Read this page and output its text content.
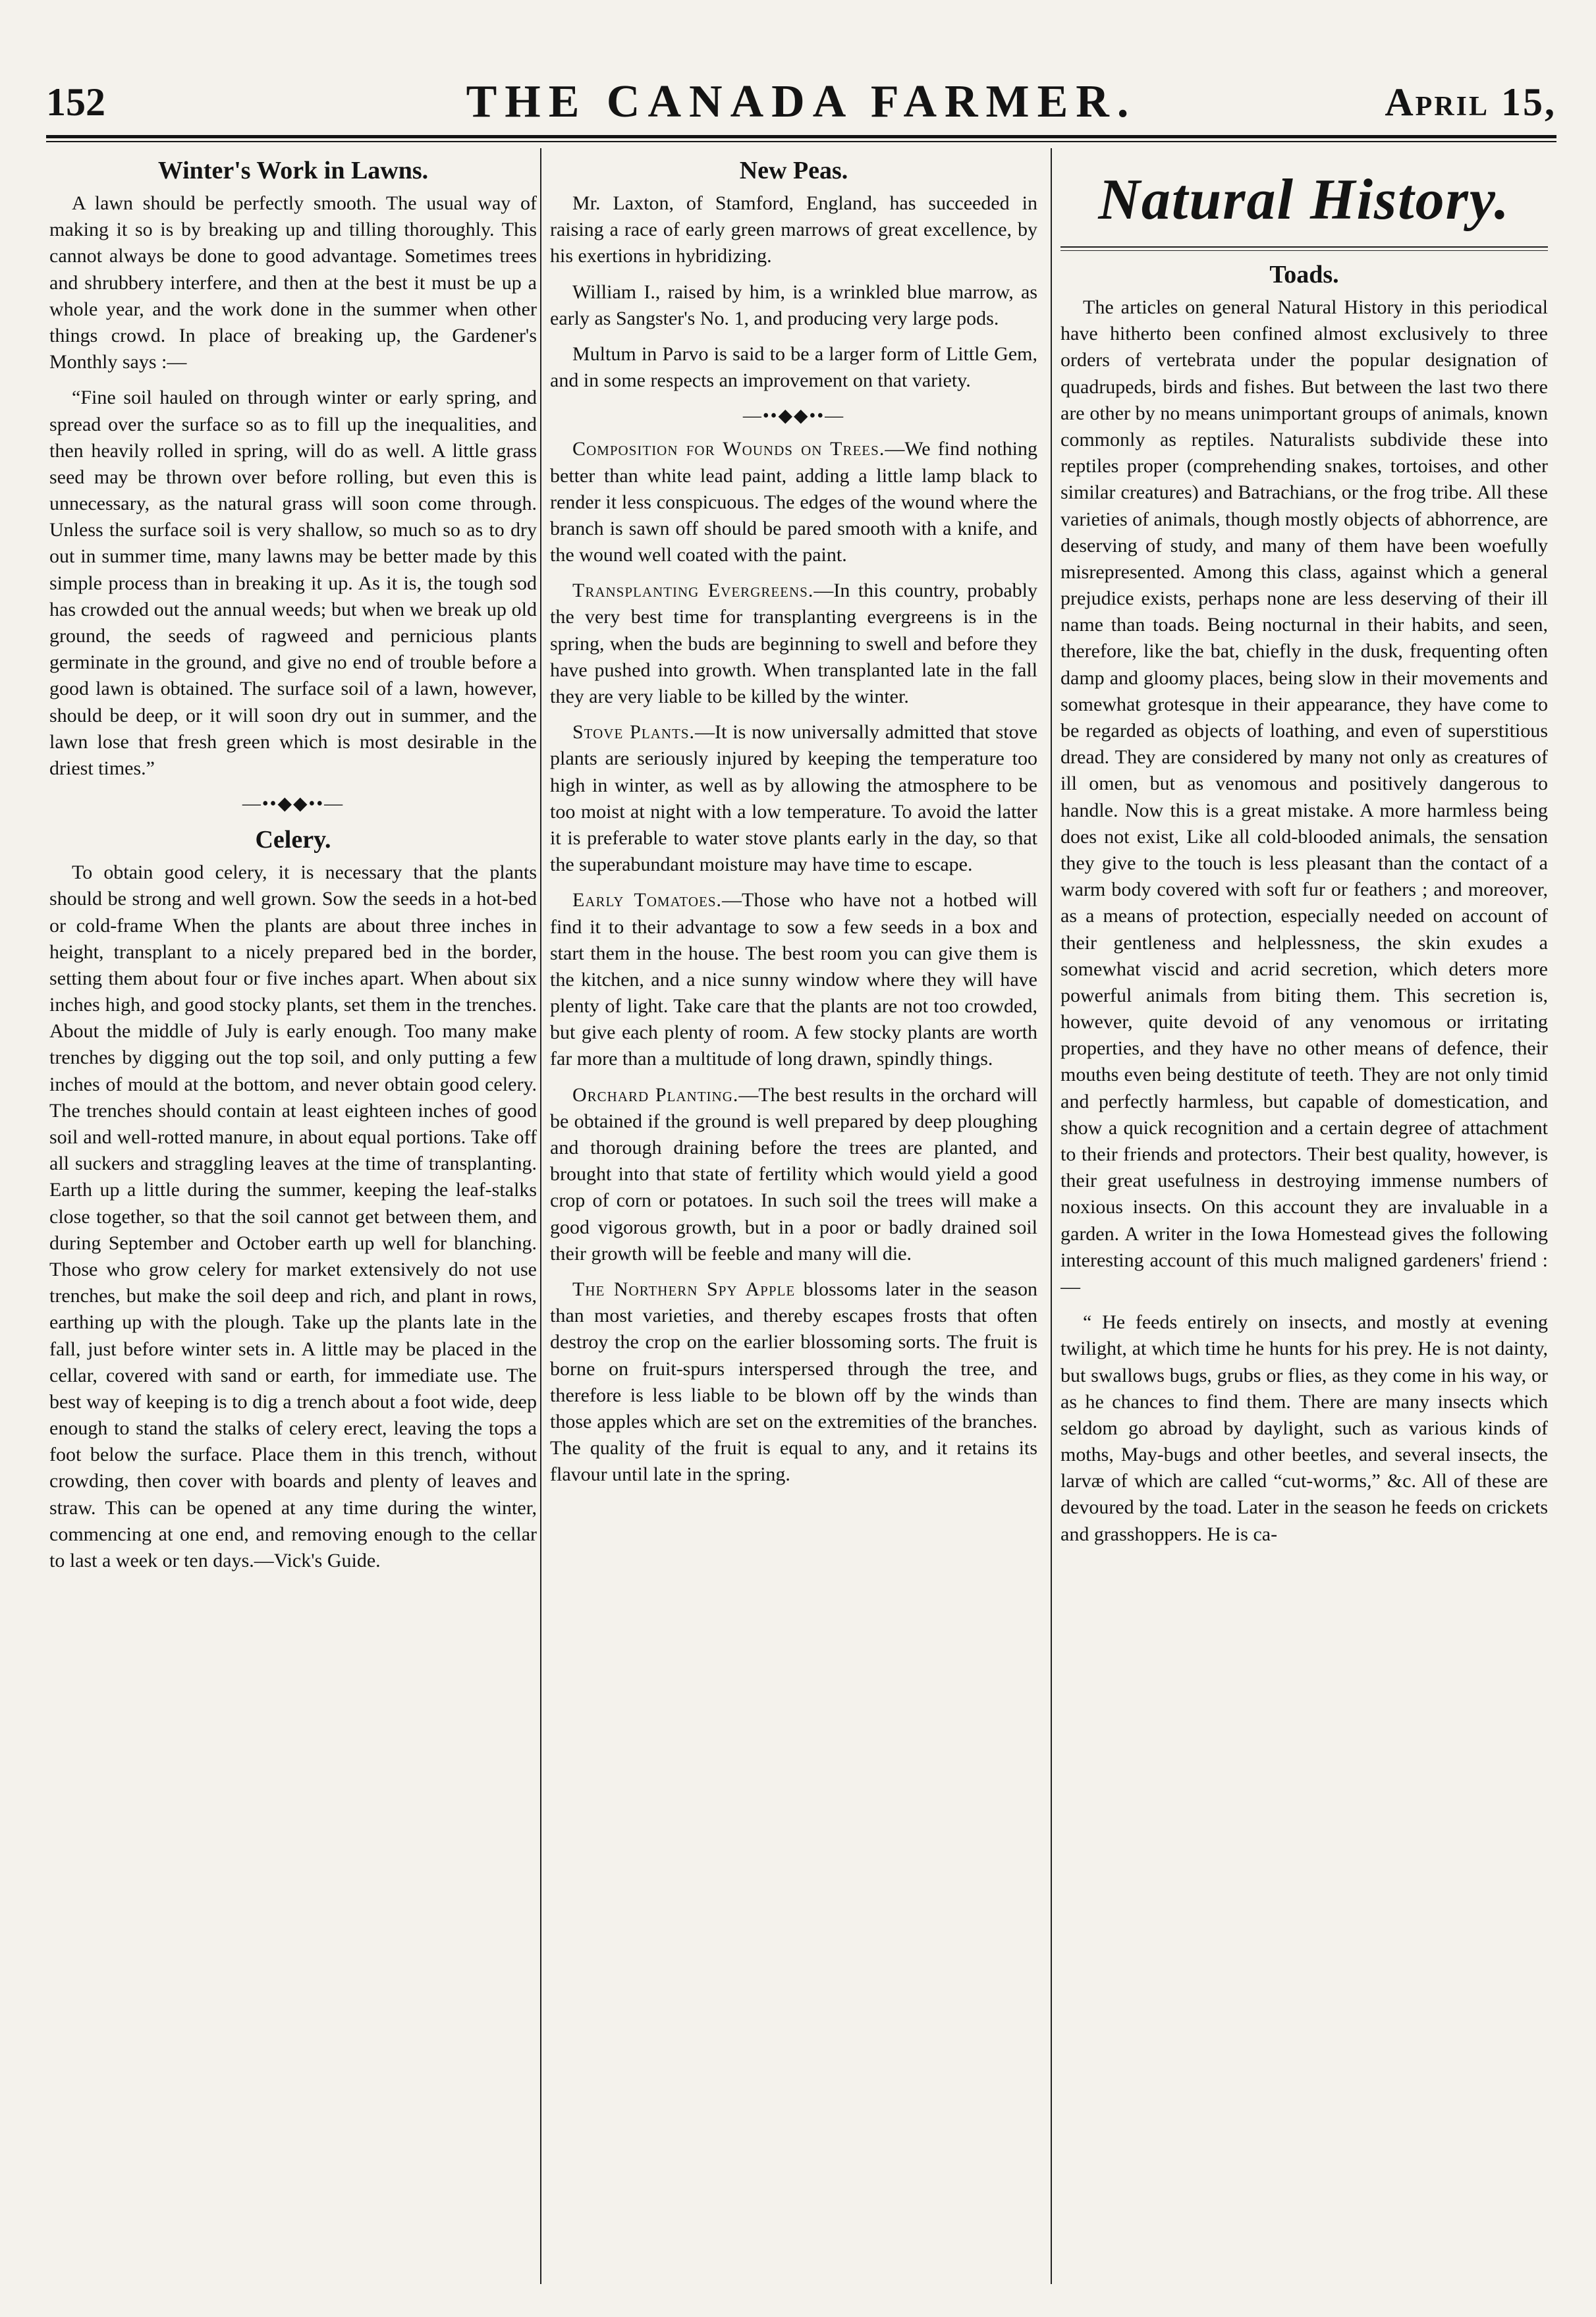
152	THE CANADA FARMER.	April 15,
Winter's Work in Lawns.

A lawn should be perfectly smooth. The usual way of making it so is by breaking up and tilling thoroughly. This cannot always be done to good advantage. Sometimes trees and shrubbery interfere, and then at the best it must be up a whole year, and the work done in the summer when other things crowd. In place of breaking up, the Gardener's Monthly says :—

“Fine soil hauled on through winter or early spring, and spread over the surface so as to fill up the inequalities, and then heavily rolled in spring, will do as well. A little grass seed may be thrown over before rolling, but even this is unnecessary, as the natural grass will soon come through. Unless the surface soil is very shallow, so much so as to dry out in summer time, many lawns may be better made by this simple process than in breaking it up. As it is, the tough sod has crowded out the annual weeds; but when we break up old ground, the seeds of ragweed and pernicious plants germinate in the ground, and give no end of trouble before a good lawn is obtained. The surface soil of a lawn, however, should be deep, or it will soon dry out in summer, and the lawn lose that fresh green which is most desirable in the driest times.”

—••◆◆••—
Celery.

To obtain good celery, it is necessary that the plants should be strong and well grown. Sow the seeds in a hot-bed or cold-frame When the plants are about three inches in height, transplant to a nicely prepared bed in the border, setting them about four or five inches apart. When about six inches high, and good stocky plants, set them in the trenches. About the middle of July is early enough. Too many make trenches by digging out the top soil, and only putting a few inches of mould at the bottom, and never obtain good celery. The trenches should contain at least eighteen inches of good soil and well-rotted manure, in about equal portions. Take off all suckers and straggling leaves at the time of transplanting. Earth up a little during the summer, keeping the leaf-stalks close together, so that the soil cannot get between them, and during September and October earth up well for blanching. Those who grow celery for market extensively do not use trenches, but make the soil deep and rich, and plant in rows, earthing up with the plough. Take up the plants late in the fall, just before winter sets in. A little may be placed in the cellar, covered with sand or earth, for immediate use. The best way of keeping is to dig a trench about a foot wide, deep enough to stand the stalks of celery erect, leaving the tops a foot below the surface. Place them in this trench, without crowding, then cover with boards and plenty of leaves and straw. This can be opened at any time during the winter, commencing at one end, and removing enough to the cellar to last a week or ten days.—Vick's Guide.

New Peas.

Mr. Laxton, of Stamford, England, has succeeded in raising a race of early green marrows of great excellence, by his exertions in hybridizing.

William I., raised by him, is a wrinkled blue marrow, as early as Sangster's No. 1, and producing very large pods.

Multum in Parvo is said to be a larger form of Little Gem, and in some respects an improvement on that variety.

—••◆◆••—

Composition for Wounds on Trees.—We find nothing better than white lead paint, adding a little lamp black to render it less conspicuous. The edges of the wound where the branch is sawn off should be pared smooth with a knife, and the wound well coated with the paint.

Transplanting Evergreens.—In this country, probably the very best time for transplanting evergreens is in the spring, when the buds are beginning to swell and before they have pushed into growth. When transplanted late in the fall they are very liable to be killed by the winter.

Stove Plants.—It is now universally admitted that stove plants are seriously injured by keeping the temperature too high in winter, as well as by allowing the atmosphere to be too moist at night with a low temperature. To avoid the latter it is preferable to water stove plants early in the day, so that the superabundant moisture may have time to escape.

Early Tomatoes.—Those who have not a hotbed will find it to their advantage to sow a few seeds in a box and start them in the house. The best room you can give them is the kitchen, and a nice sunny window where they will have plenty of light. Take care that the plants are not too crowded, but give each plenty of room. A few stocky plants are worth far more than a multitude of long drawn, spindly things.

Orchard Planting.—The best results in the orchard will be obtained if the ground is well prepared by deep ploughing and thorough draining before the trees are planted, and brought into that state of fertility which would yield a good crop of corn or potatoes. In such soil the trees will make a good vigorous growth, but in a poor or badly drained soil their growth will be feeble and many will die.

The Northern Spy Apple blossoms later in the season than most varieties, and thereby escapes frosts that often destroy the crop on the earlier blossoming sorts. The fruit is borne on fruit-spurs interspersed through the tree, and therefore is less liable to be blown off by the winds than those apples which are set on the extremities of the branches. The quality of the fruit is equal to any, and it retains its flavour until late in the spring.

Natural History.
Toads.

The articles on general Natural History in this periodical have hitherto been confined almost exclusively to three orders of vertebrata under the popular designation of quadrupeds, birds and fishes. But between the last two there are other by no means unimportant groups of animals, known commonly as reptiles. Naturalists subdivide these into reptiles proper (comprehending snakes, tortoises, and other similar creatures) and Batrachians, or the frog tribe. All these varieties of animals, though mostly objects of abhorrence, are deserving of study, and many of them have been woefully misrepresented. Among this class, against which a general prejudice exists, perhaps none are less deserving of their ill name than toads. Being nocturnal in their habits, and seen, therefore, like the bat, chiefly in the dusk, frequenting often damp and gloomy places, being slow in their movements and somewhat grotesque in their appearance, they have come to be regarded as objects of loathing, and even of superstitious dread. They are considered by many not only as creatures of ill omen, but as venomous and positively dangerous to handle. Now this is a great mistake. A more harmless being does not exist, Like all cold-blooded animals, the sensation they give to the touch is less pleasant than the contact of a warm body covered with soft fur or feathers ; and moreover, as a means of protection, especially needed on account of their gentleness and helplessness, the skin exudes a somewhat viscid and acrid secretion, which deters more powerful animals from biting them. This secretion is, however, quite devoid of any venomous or irritating properties, and they have no other means of defence, their mouths even being destitute of teeth. They are not only timid and perfectly harmless, but capable of domestication, and show a quick recognition and a certain degree of attachment to their friends and protectors. Their best quality, however, is their great usefulness in destroying immense numbers of noxious insects. On this account they are invaluable in a garden. A writer in the Iowa Homestead gives the following interesting account of this much maligned gardeners' friend :—

“ He feeds entirely on insects, and mostly at evening twilight, at which time he hunts for his prey. He is not dainty, but swallows bugs, grubs or flies, as they come in his way, or as he chances to find them. There are many insects which seldom go abroad by daylight, such as various kinds of moths, May-bugs and other beetles, and several insects, the larvæ of which are called “cut-worms,” &c. All of these are devoured by the toad. Later in the season he feeds on crickets and grasshoppers. He is ca-
